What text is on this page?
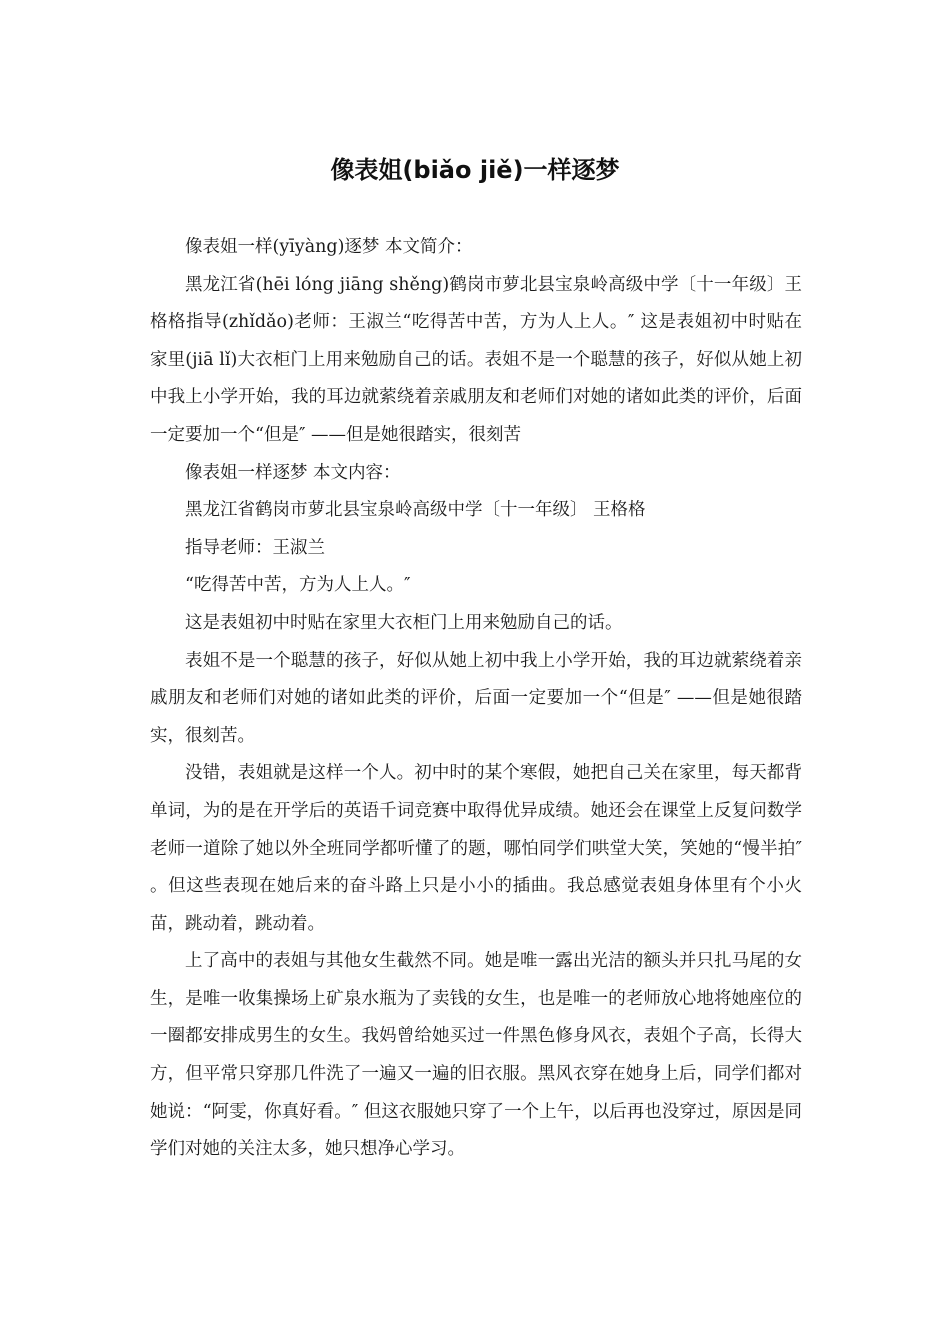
像表姐(biǎo jiě)一样逐梦

像表姐一样(yīyàng)逐梦 本文简介：

黑龙江省(hēi lóng jiāng shěng)鹤岗市萝北县宝泉岭高级中学〔十一年级〕王格格指导(zhǐdǎo)老师：王淑兰“吃得苦中苦，方为人上人。″ 这是表姐初中时贴在家里(jiā lǐ)大衣柜门上用来勉励自己的话。表姐不是一个聪慧的孩子，好似从她上初中我上小学开始，我的耳边就萦绕着亲戚朋友和老师们对她的诸如此类的评价，后面一定要加一个“但是″ ——但是她很踏实，很刻苦

像表姐一样逐梦 本文内容：

黑龙江省鹤岗市萝北县宝泉岭高级中学〔十一年级〕 王格格

指导老师：王淑兰

“吃得苦中苦，方为人上人。″

这是表姐初中时贴在家里大衣柜门上用来勉励自己的话。

表姐不是一个聪慧的孩子，好似从她上初中我上小学开始，我的耳边就萦绕着亲戚朋友和老师们对她的诸如此类的评价，后面一定要加一个“但是″ ——但是她很踏实，很刻苦。

没错，表姐就是这样一个人。初中时的某个寒假，她把自己关在家里，每天都背单词，为的是在开学后的英语千词竞赛中取得优异成绩。她还会在课堂上反复问数学老师一道除了她以外全班同学都听懂了的题，哪怕同学们哄堂大笑，笑她的“慢半拍″ 。但这些表现在她后来的奋斗路上只是小小的插曲。我总感觉表姐身体里有个小火苗，跳动着，跳动着。

上了高中的表姐与其他女生截然不同。她是唯一露出光洁的额头并只扎马尾的女生，是唯一收集操场上矿泉水瓶为了卖钱的女生，也是唯一的老师放心地将她座位的一圈都安排成男生的女生。我妈曾给她买过一件黑色修身风衣，表姐个子高，长得大方，但平常只穿那几件洗了一遍又一遍的旧衣服。黑风衣穿在她身上后，同学们都对她说：“阿雯，你真好看。″ 但这衣服她只穿了一个上午，以后再也没穿过，原因是同学们对她的关注太多，她只想净心学习。
